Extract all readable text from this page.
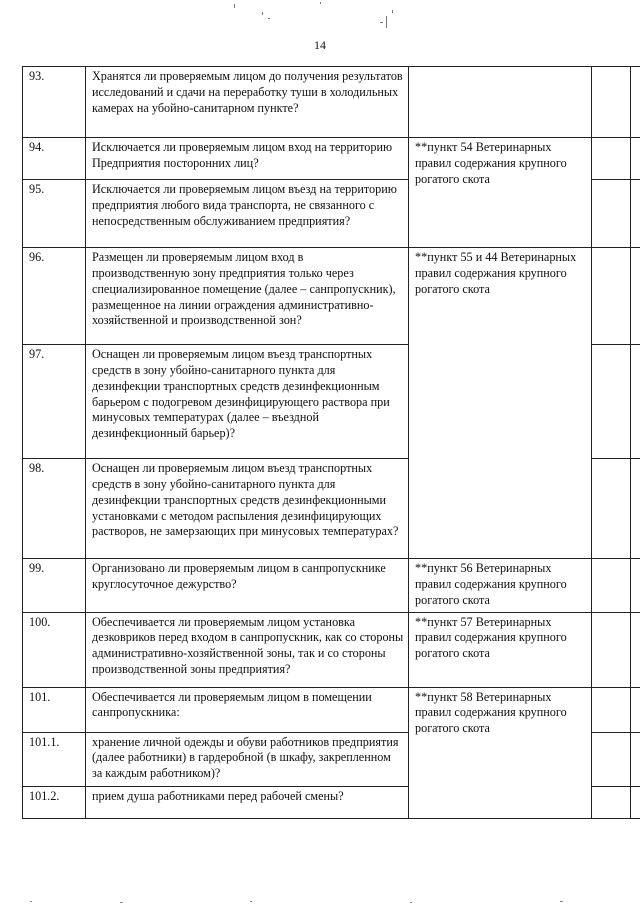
14
93.	Хранятся ли проверяемым лицом до получения результатов исследований и сдачи на переработку туши в холодильных камерах на убойно-санитарном пункте?			

94.	Исключается ли проверяемым лицом вход на территорию Предприятия посторонних лиц?	**пункт 54 Ветеринарных правил содержания крупного рогатого скота		

95.	Исключается ли проверяемым лицом въезд на территорию предприятия любого вида транспорта, не связанного с непосредственным обслуживанием предприятия?			

96.	Размещен ли проверяемым лицом вход в производственную зону предприятия только через специализированное помещение (далее – санпропускник), размещенное на линии ограждения административно-хозяйственной и производственной зон?	**пункт 55 и 44 Ветеринарных правил содержания крупного рогатого скота		

97.	Оснащен ли проверяемым лицом въезд транспортных средств в зону убойно-санитарного пункта для дезинфекции транспортных средств дезинфекционным барьером с подогревом дезинфицирующего раствора при минусовых температурах (далее – въездной дезинфекционный барьер)?			

98.	Оснащен ли проверяемым лицом въезд транспортных средств в зону убойно-санитарного пункта для дезинфекции транспортных средств дезинфекционными установками с методом распыления дезинфицирующих растворов, не замерзающих при минусовых температурах?			

99.	Организовано ли проверяемым лицом в санпропускнике круглосуточное дежурство?	**пункт 56 Ветеринарных правил содержания крупного рогатого скота		

100.	Обеспечивается ли проверяемым лицом установка дезковриков перед входом в санпропускник, как со стороны административно-хозяйственной зоны, так и со стороны производственной зоны предприятия?	**пункт 57 Ветеринарных правил содержания крупного рогатого скота		

101.	Обеспечивается ли проверяемым лицом в помещении санпропускника:	**пункт 58 Ветеринарных правил содержания крупного рогатого скота		

101.1.	хранение личной одежды и обуви работников предприятия (далее работники) в гардеробной (в шкафу, закрепленном за каждым работником)?			

101.2.	прием душа работниками перед рабочей смены?			
